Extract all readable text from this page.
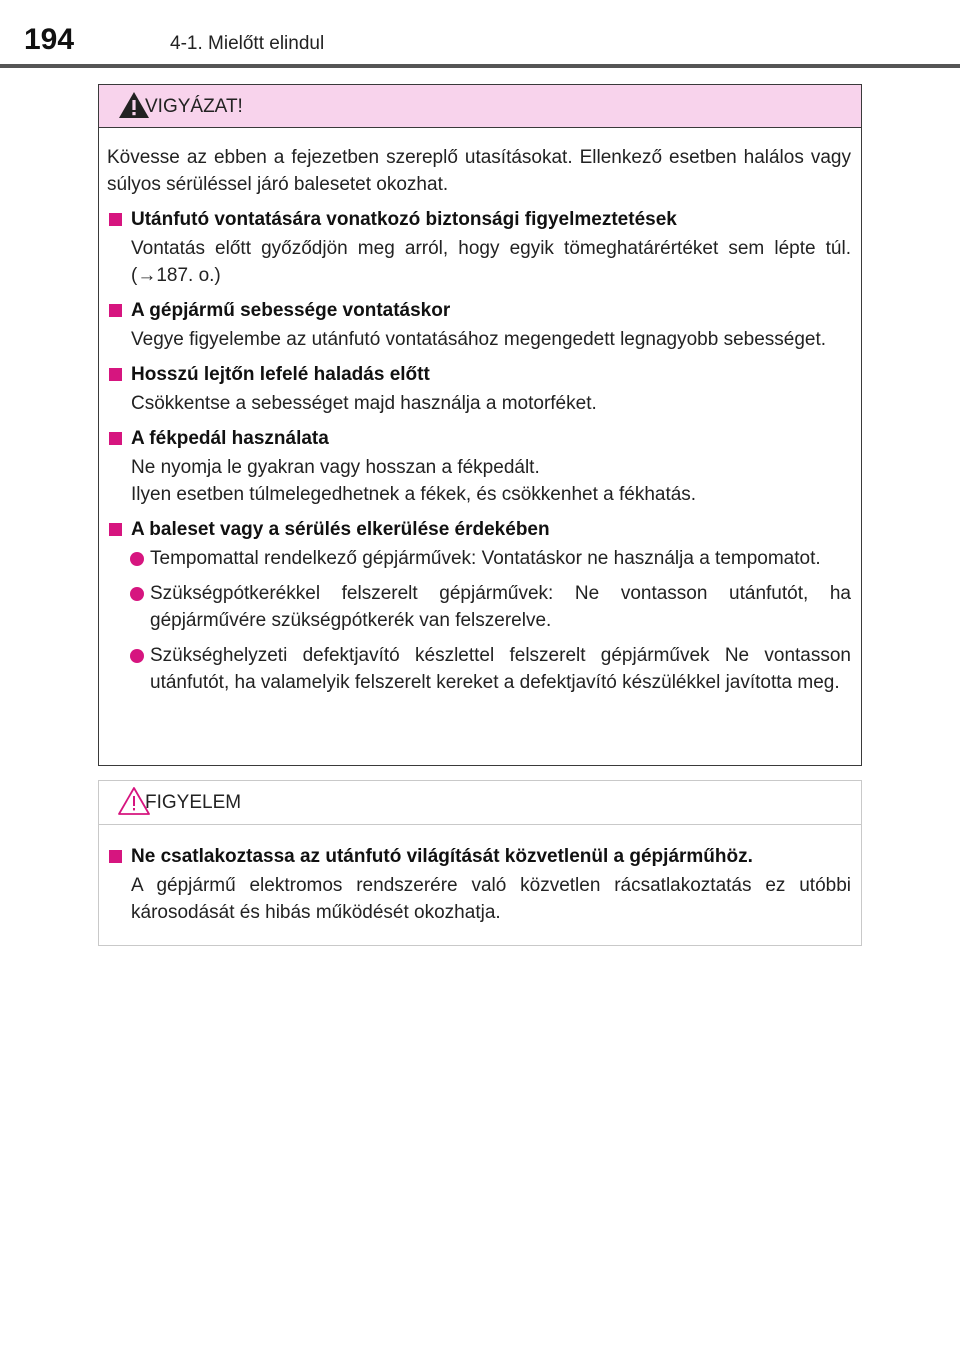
194	4-1. Mielőtt elindul
VIGYÁZAT!

Kövesse az ebben a fejezetben szereplő utasításokat. Ellenkező esetben halálos vagy súlyos sérüléssel járó balesetet okozhat.

Utánfutó vontatására vonatkozó biztonsági figyelmeztetések
Vontatás előtt győződjön meg arról, hogy egyik tömeghatárértéket sem lépte túl. (→187. o.)
A gépjármű sebessége vontatáskor
Vegye figyelembe az utánfutó vontatásához megengedett legnagyobb sebességet.
Hosszú lejtőn lefelé haladás előtt
Csökkentse a sebességet majd használja a motorféket.
A fékpedál használata
Ne nyomja le gyakran vagy hosszan a fékpedált.
Ilyen esetben túlmelegedhetnek a fékek, és csökkenhet a fékhatás.
A baleset vagy a sérülés elkerülése érdekében
Tempomattal rendelkező gépjárművek: Vontatáskor ne használja a tempomatot.
Szükségpótkerékkel felszerelt gépjárművek: Ne vontasson utánfutót, ha gépjárművére szükségpótkerék van felszerelve.
Szükséghelyzeti defektjavító készlettel felszerelt gépjárművek Ne vontasson utánfutót, ha valamelyik felszerelt kereket a defektjavító készülékkel javította meg.
FIGYELEM
Ne csatlakoztassa az utánfutó világítását közvetlenül a gépjárműhöz.
A gépjármű elektromos rendszerére való közvetlen rácsatlakoztatás ez utóbbi károsodását és hibás működését okozhatja.
